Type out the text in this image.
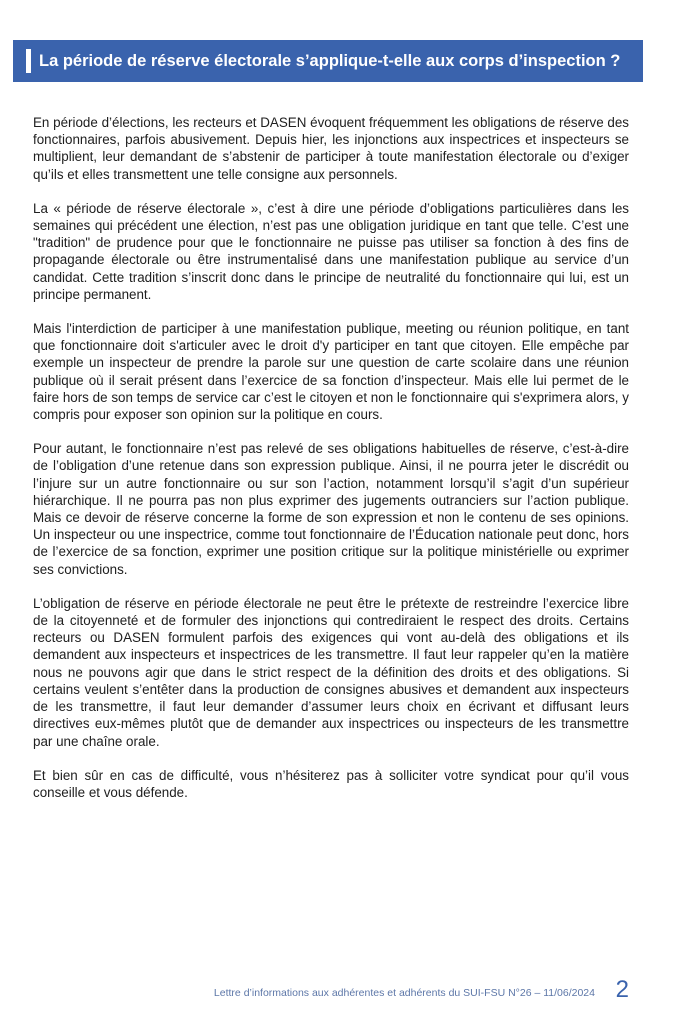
La période de réserve électorale s’applique-t-elle aux corps d’inspection ?

En période d’élections, les recteurs et DASEN évoquent fréquemment les obligations de réserve des fonctionnaires, parfois abusivement. Depuis hier, les injonctions aux inspectrices et inspecteurs se multiplient, leur demandant de s’abstenir de participer à toute manifestation électorale ou d’exiger qu’ils et elles transmettent une telle consigne aux personnels.

La « période de réserve électorale », c’est à dire une période d’obligations particulières dans les semaines qui précédent une élection, n’est pas une obligation juridique en tant que telle. C’est une "tradition" de prudence pour que le fonctionnaire ne puisse pas utiliser sa fonction à des fins de propagande électorale ou être instrumentalisé dans une manifestation publique au service d’un candidat. Cette tradition s’inscrit donc dans le principe de neutralité du fonctionnaire qui lui, est un principe permanent.

Mais l'interdiction de participer à une manifestation publique, meeting ou réunion politique, en tant que fonctionnaire doit s'articuler avec le droit d'y participer en tant que citoyen. Elle empêche par exemple un inspecteur de prendre la parole sur une question de carte scolaire dans une réunion publique où il serait présent dans l’exercice de sa fonction d’inspecteur. Mais elle lui permet de le faire hors de son temps de service car c’est le citoyen et non le fonctionnaire qui s'exprimera alors, y compris pour exposer son opinion sur la politique en cours.

Pour autant, le fonctionnaire n’est pas relevé de ses obligations habituelles de réserve, c’est-à-dire de l’obligation d’une retenue dans son expression publique. Ainsi, il ne pourra jeter le discrédit ou l’injure sur un autre fonctionnaire ou sur son l’action, notamment lorsqu’il s’agit d’un supérieur hiérarchique. Il ne pourra pas non plus exprimer des jugements outranciers sur l’action publique. Mais ce devoir de réserve concerne la forme de son expression et non le contenu de ses opinions. Un inspecteur ou une inspectrice, comme tout fonctionnaire de l’Éducation nationale peut donc, hors de l’exercice de sa fonction, exprimer une position critique sur la politique ministérielle ou exprimer ses convictions.

L’obligation de réserve en période électorale ne peut être le prétexte de restreindre l’exercice libre de la citoyenneté et de formuler des injonctions qui contrediraient le respect des droits. Certains recteurs ou DASEN formulent parfois des exigences qui vont au-delà des obligations et ils demandent aux inspecteurs et inspectrices de les transmettre. Il faut leur rappeler qu’en la matière nous ne pouvons agir que dans le strict respect de la définition des droits et des obligations. Si certains veulent s’entêter dans la production de consignes abusives et demandent aux inspecteurs de les transmettre, il faut leur demander d’assumer leurs choix en écrivant et diffusant leurs directives eux-mêmes plutôt que de demander aux inspectrices ou inspecteurs de les transmettre par une chaîne orale.

Et bien sûr en cas de difficulté, vous n’hésiterez pas à solliciter votre syndicat pour qu’il vous conseille et vous défende.

Lettre d’informations aux adhérentes et adhérents du SUI-FSU N°26 – 11/06/2024 2
